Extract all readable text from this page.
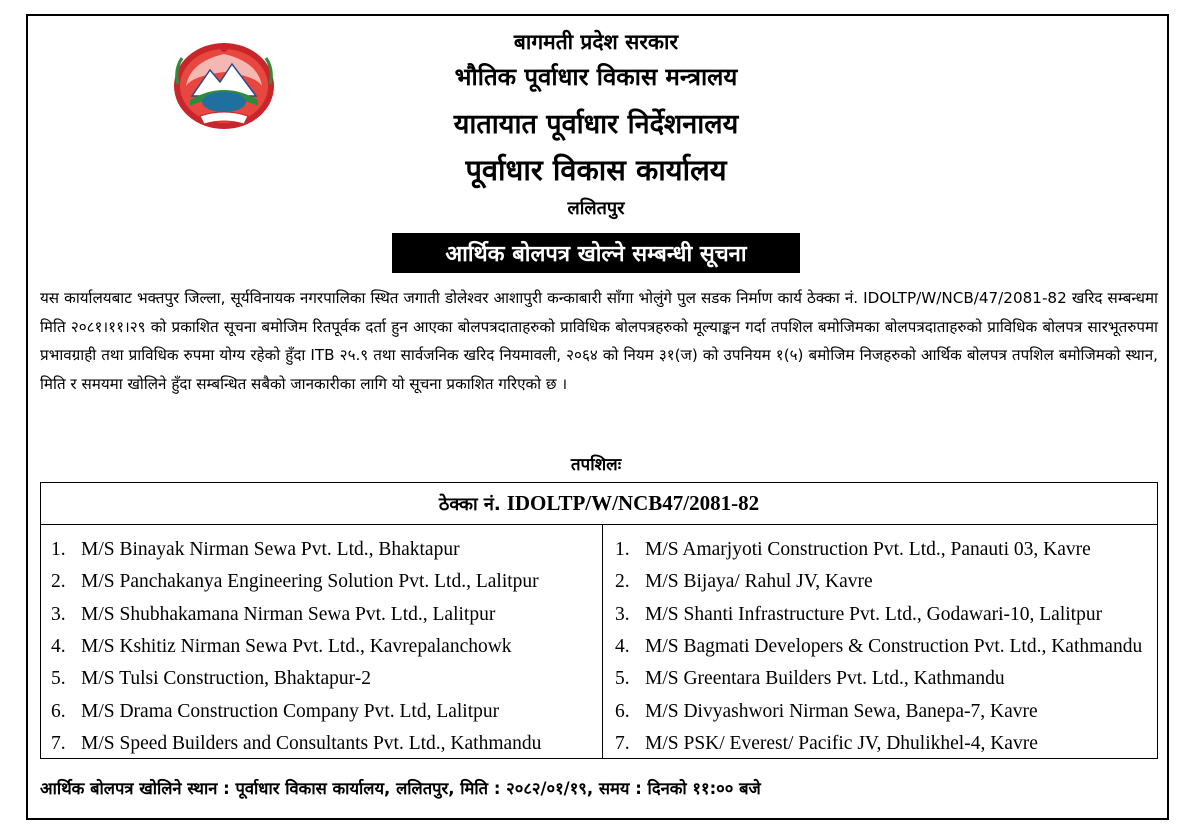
बागमती प्रदेश सरकार
भौतिक पूर्वाधार विकास मन्त्रालय
यातायात पूर्वाधार निर्देशनालय
पूर्वाधार विकास कार्यालय
ललितपुर
आर्थिक बोलपत्र खोल्ने सम्बन्धी सूचना
यस कार्यालयबाट भक्तपुर जिल्ला, सूर्यविनायक नगरपालिका स्थित जगाती डोलेश्वर आशापुरी कन्काबारी साँगा भोलुंगे पुल सडक निर्माण कार्य ठेक्का नं. IDOLTP/W/NCB/47/2081-82 खरिद सम्बन्धमा मिति २०८१।११।२९ को प्रकाशित सूचना बमोजिम रितपूर्वक दर्ता हुन आएका बोलपत्रदाताहरुको प्राविधिक बोलपत्रहरुको मूल्याङ्कन गर्दा तपशिल बमोजिमका बोलपत्रदाताहरुको प्राविधिक बोलपत्र सारभूतरुपमा प्रभावग्राही तथा प्राविधिक रुपमा योग्य रहेको हुँदा ITB २५.९ तथा सार्वजनिक खरिद नियमावली, २०६४ को नियम ३१(ज) को उपनियम १(५) बमोजिम निजहरुको आर्थिक बोलपत्र तपशिल बमोजिमको स्थान, मिति र समयमा खोलिने हुँदा सम्बन्धित सबैको जानकारीका लागि यो सूचना प्रकाशित गरिएको छ ।
तपशिलः
ठेक्का नं. IDOLTP/W/NCB47/2081-82
1. M/S Binayak Nirman Sewa Pvt. Ltd., Bhaktapur
2. M/S Panchakanya Engineering Solution Pvt. Ltd., Lalitpur
3. M/S Shubhakamana Nirman Sewa Pvt. Ltd., Lalitpur
4. M/S Kshitiz Nirman Sewa Pvt. Ltd., Kavrepalanchowk
5. M/S Tulsi Construction, Bhaktapur-2
6. M/S Drama Construction Company Pvt. Ltd, Lalitpur
7. M/S Speed Builders and Consultants Pvt. Ltd., Kathmandu
1. M/S Amarjyoti Construction Pvt. Ltd., Panauti 03, Kavre
2. M/S Bijaya/ Rahul JV, Kavre
3. M/S Shanti Infrastructure Pvt. Ltd., Godawari-10, Lalitpur
4. M/S Bagmati Developers & Construction Pvt. Ltd., Kathmandu
5. M/S Greentara Builders Pvt. Ltd., Kathmandu
6. M/S Divyashwori Nirman Sewa, Banepa-7, Kavre
7. M/S PSK/ Everest/ Pacific JV, Dhulikhel-4, Kavre
आर्थिक बोलपत्र खोलिने स्थान : पूर्वाधार विकास कार्यालय, ललितपुर, मिति : २०८२/०१/१९, समय : दिनको ११:०० बजे
